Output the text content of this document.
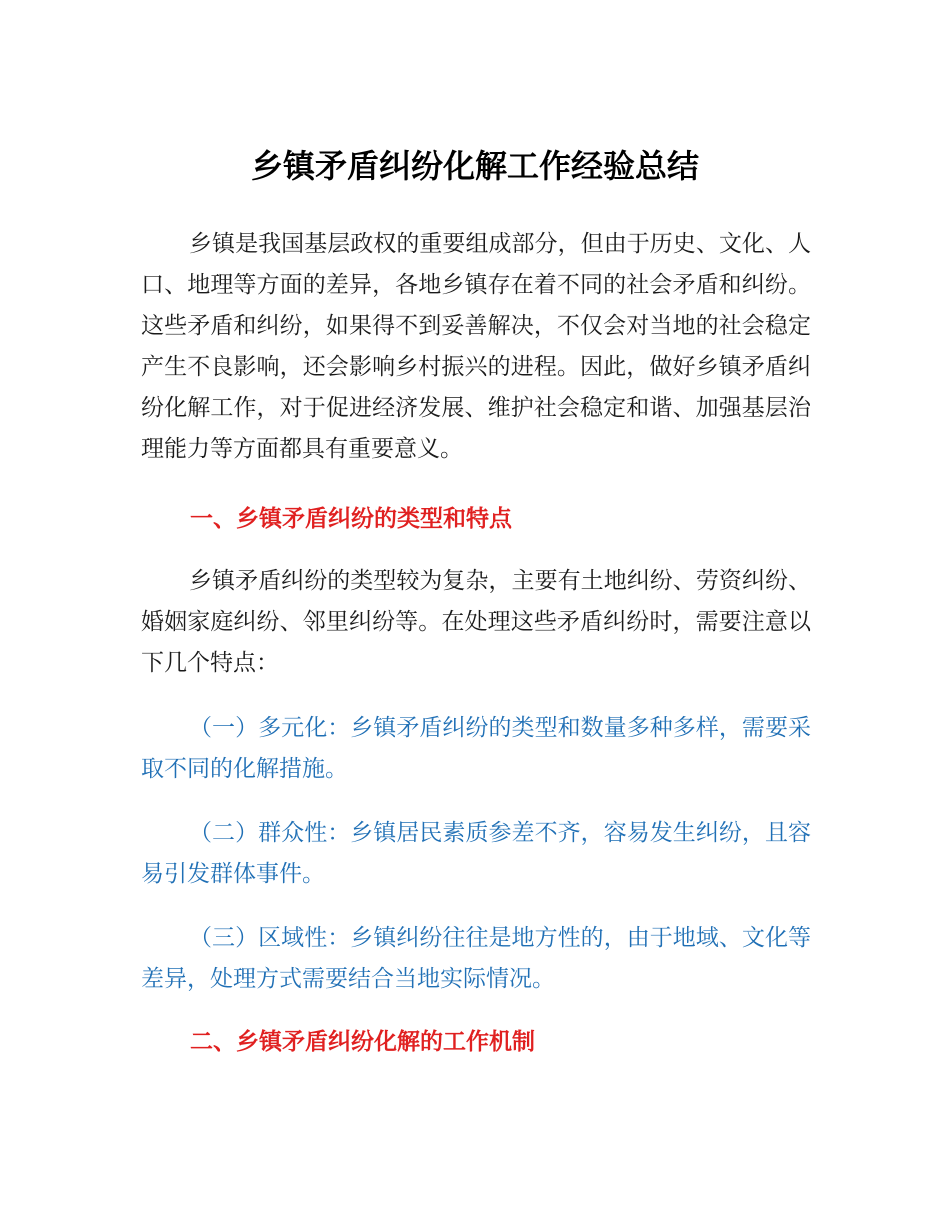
乡镇矛盾纠纷化解工作经验总结

乡镇是我国基层政权的重要组成部分，但由于历史、文化、人口、地理等方面的差异，各地乡镇存在着不同的社会矛盾和纠纷。这些矛盾和纠纷，如果得不到妥善解决，不仅会对当地的社会稳定产生不良影响，还会影响乡村振兴的进程。因此，做好乡镇矛盾纠纷化解工作，对于促进经济发展、维护社会稳定和谐、加强基层治理能力等方面都具有重要意义。

一、乡镇矛盾纠纷的类型和特点

乡镇矛盾纠纷的类型较为复杂，主要有土地纠纷、劳资纠纷、婚姻家庭纠纷、邻里纠纷等。在处理这些矛盾纠纷时，需要注意以下几个特点：

（一）多元化：乡镇矛盾纠纷的类型和数量多种多样，需要采取不同的化解措施。

（二）群众性：乡镇居民素质参差不齐，容易发生纠纷，且容易引发群体事件。

（三）区域性：乡镇纠纷往往是地方性的，由于地域、文化等差异，处理方式需要结合当地实际情况。

二、乡镇矛盾纠纷化解的工作机制
